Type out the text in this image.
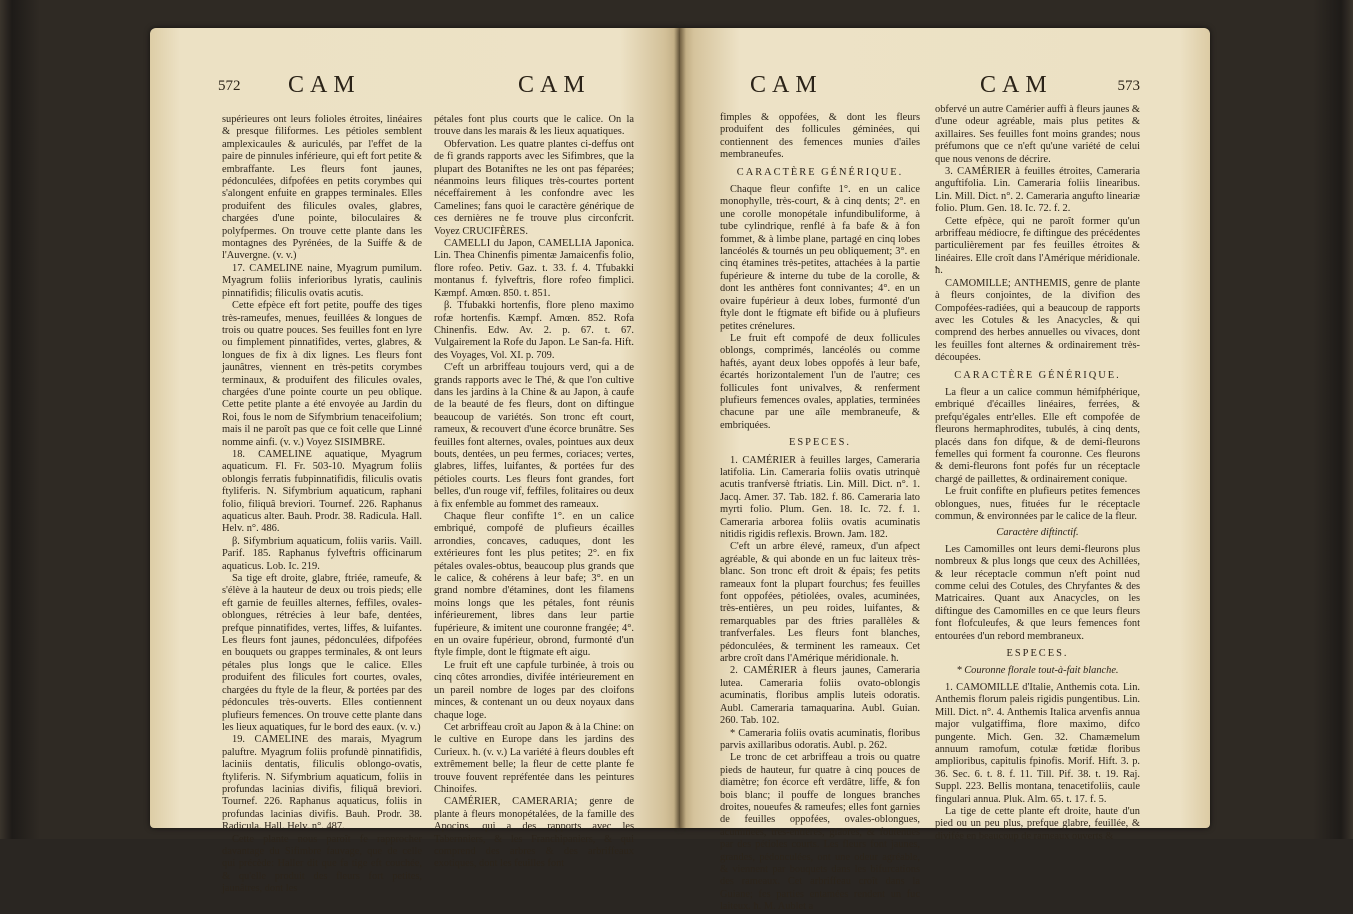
572 CAM	CAM

supérieures ont leurs folioles étroites, linéaires & presque filiformes. Les pétioles semblent amplexicaules & auriculés, par l'effet de la paire de pinnules inférieure, qui eft fort petite & embraffante. Les fleurs font jaunes, pédonculées, difpofées en petits corymbes qui s'alongent enfuite en grappes terminales. Elles produifent des filicules ovales, glabres, chargées d'une pointe, biloculaires & polyfpermes. On trouve cette plante dans les montagnes des Pyrénées, de la Suiffe & de l'Auvergne. (v. v.)

17. CAMELINE naine, Myagrum pumilum. Myagrum foliis inferioribus lyratis, caulinis pinnatifidis; filiculis ovatis acutis.

Cette efpèce eft fort petite, pouffe des tiges très-rameufes, menues, feuillées & longues de trois ou quatre pouces. Ses feuilles font en lyre ou fimplement pinnatifides, vertes, glabres, & longues de fix à dix lignes. Les fleurs font jaunâtres, viennent en très-petits corymbes terminaux, & produifent des filicules ovales, chargées d'une pointe courte un peu oblique. Cette petite plante a été envoyée au Jardin du Roi, fous le nom de Sifymbrium tenaceifolium; mais il ne paroît pas que ce foit celle que Linné nomme ainfi. (v. v.) Voyez SISIMBRE.

18. CAMELINE aquatique, Myagrum aquaticum. Fl. Fr. 503-10. Myagrum foliis oblongis ferratis fubpinnatifidis, filiculis ovatis ftyliferis. N. Sifymbrium aquaticum, raphani folio, filiquâ breviori. Tournef. 226. Raphanus aquaticus alter. Bauh. Prodr. 38. Radicula. Hall. Helv. n°. 486.

β. Sifymbrium aquaticum, foliis variis. Vaill. Parif. 185. Raphanus fylveftris officinarum aquaticus. Lob. Ic. 219.

Sa tige eft droite, glabre, ftriée, rameufe, & s'élève à la hauteur de deux ou trois pieds; elle eft garnie de feuilles alternes, feffiles, ovales-oblongues, rétrécies à leur bafe, dentées, prefque pinnatifides, vertes, liffes, & luifantes. Les fleurs font jaunes, pédonculées, difpofées en bouquets ou grappes terminales, & ont leurs pétales plus longs que le calice. Elles produifent des filicules fort courtes, ovales, chargées du ftyle de la fleur, & portées par des pédoncules très-ouverts. Elles contiennent plufieurs femences. On trouve cette plante dans les lieux aquatiques, fur le bord des eaux. (v. v.)

19. CAMELINE des marais, Myagrum paluftre. Myagrum foliis profundè pinnatifidis, laciniis dentatis, filiculis oblongo-ovatis, ftyliferis. N. Sifymbrium aquaticum, foliis in profundas lacinias divifis, filiquâ breviori. Tournef. 226. Raphanus aquaticus, foliis in profundas lacinias divifis. Bauh. Prodr. 38. Radicula. Hall. Helv. n°. 487.

Cette plante nous paroît fe rapprocher davantage du Sifimbre fauvage, que de celle qui précède: Haller dit que fa tige eft couchée, & qu'elle produit des fleurs fort petites, jaunâtres, dont les

pétales font plus courts que le calice. On la trouve dans les marais & les lieux aquatiques.

Obfervation. Les quatre plantes ci-deffus ont de fi grands rapports avec les Sifimbres, que la plupart des Botaniftes ne les ont pas féparées; néanmoins leurs filiques très-courtes portent néceffairement à les confondre avec les Camelines; fans quoi le caractère générique de ces dernières ne fe trouve plus circonfcrit. Voyez CRUCIFÈRES.

CAMELLI du Japon, CAMELLIA Japonica. Lin. Thea Chinenfis pimentæ Jamaicenfis folio, flore rofeo. Petiv. Gaz. t. 33. f. 4. Tfubakki montanus f. fylveftris, flore rofeo fimplici. Kæmpf. Amœn. 850. t. 851.

β. Tfubakki hortenfis, flore pleno maximo rofæ hortenfis. Kæmpf. Amœn. 852. Rofa Chinenfis. Edw. Av. 2. p. 67. t. 67. Vulgairement la Rofe du Japon. Le San-fa. Hift. des Voyages, Vol. XI. p. 709.

C'eft un arbriffeau toujours verd, qui a de grands rapports avec le Thé, & que l'on cultive dans les jardins à la Chine & au Japon, à caufe de la beauté de fes fleurs, dont on diftingue beaucoup de variétés. Son tronc eft court, rameux, & recouvert d'une écorce brunâtre. Ses feuilles font alternes, ovales, pointues aux deux bouts, dentées, un peu fermes, coriaces; vertes, glabres, liffes, luifantes, & portées fur des pétioles courts. Les fleurs font grandes, fort belles, d'un rouge vif, feffiles, folitaires ou deux à fix enfemble au fommet des rameaux.

Chaque fleur confifte 1°. en un calice embriqué, compofé de plufieurs écailles arrondies, concaves, caduques, dont les extérieures font les plus petites; 2°. en fix pétales ovales-obtus, beaucoup plus grands que le calice, & cohérens à leur bafe; 3°. en un grand nombre d'étamines, dont les filamens moins longs que les pétales, font réunis inférieurement, libres dans leur partie fupérieure, & imitent une couronne frangée; 4°. en un ovaire fupérieur, obrond, furmonté d'un ftyle fimple, dont le ftigmate eft aigu.

Le fruit eft une capfule turbinée, à trois ou cinq côtes arrondies, divifée intérieurement en un pareil nombre de loges par des cloifons minces, & contenant un ou deux noyaux dans chaque loge.

Cet arbriffeau croît au Japon & à la Chine: on le cultive en Europe dans les jardins des Curieux. ħ. (v. v.) La variété à fleurs doubles eft extrêmement belle; la fleur de cette plante fe trouve fouvent repréfentée dans les peintures Chinoifes.

CAMÉRIER, CAMERARIA; genre de plante à fleurs monopétalées, de la famille des Apocins, qui a des rapports avec les Tabernniers, & les Franchipaniers, & qui comprend des arbres & des arbriffeaux exotiques, dont les feuilles font

CAM	CAM	573

fimples & oppofées, & dont les fleurs produifent des follicules géminées, qui contiennent des femences munies d'ailes membraneufes.

CARACTÈRE GÉNÉRIQUE.

Chaque fleur confifte 1°. en un calice monophylle, très-court, & à cinq dents; 2°. en une corolle monopétale infundibuliforme, à tube cylindrique, renflé à fa bafe & à fon fommet, & à limbe plane, partagé en cinq lobes lancéolés & tournés un peu obliquement; 3°. en cinq étamines très-petites, attachées à la partie fupérieure & interne du tube de la corolle, & dont les anthères font connivantes; 4°. en un ovaire fupérieur à deux lobes, furmonté d'un ftyle dont le ftigmate eft bifide ou à plufieurs petites crénelures.

Le fruit eft compofé de deux follicules oblongs, comprimés, lancéolés ou comme haftés, ayant deux lobes oppofés à leur bafe, écartés horizontalement l'un de l'autre; ces follicules font univalves, & renferment plufieurs femences ovales, applaties, terminées chacune par une aîle membraneufe, & embriquées.

ESPECES.

1. CAMÉRIER à feuilles larges, Cameraria latifolia. Lin. Cameraria foliis ovatis utrinquè acutis tranfversè ftriatis. Lin. Mill. Dict. n°. 1. Jacq. Amer. 37. Tab. 182. f. 86. Cameraria lato myrti folio. Plum. Gen. 18. Ic. 72. f. 1. Cameraria arborea foliis ovatis acuminatis nitidis rigidis reflexis. Brown. Jam. 182.

C'eft un arbre élevé, rameux, d'un afpect agréable, & qui abonde en un fuc laiteux très-blanc. Son tronc eft droit & épais; fes petits rameaux font la plupart fourchus; fes feuilles font oppofées, pétiolées, ovales, acuminées, très-entières, un peu roides, luifantes, & remarquables par des ftries parallèles & tranfverfales. Les fleurs font blanches, pédonculées, & terminent les rameaux. Cet arbre croît dans l'Amérique méridionale. ħ.

2. CAMÉRIER à fleurs jaunes, Cameraria lutea. Cameraria foliis ovato-oblongis acuminatis, floribus amplis luteis odoratis. Aubl. Cameraria tamaquarina. Aubl. Guian. 260. Tab. 102.

* Cameraria foliis ovatis acuminatis, floribus parvis axillaribus odoratis. Aubl. p. 262.

Le tronc de cet arbriffeau a trois ou quatre pieds de hauteur, fur quatre à cinq pouces de diamètre; fon écorce eft verdâtre, liffe, & fon bois blanc; il pouffe de longues branches droites, noueufes & rameufes; elles font garnies de feuilles oppofées, ovales-oblongues, acuminées, très-entières, glabres, & foutenues par des pétioles courts. Les fleurs font jaunes, grandes, pédonculées, ont une odeur agréable, & viennent par bouquets dans les bifurcations des rameaux. Cet arbriffeau croît dans la Guiane; fes parties entamées rendent un fuc laiteux. ħ. M. Aublet a

obfervé un autre Camérier auffi à fleurs jaunes & d'une odeur agréable, mais plus petites & axillaires. Ses feuilles font moins grandes; nous préfumons que ce n'eft qu'une variété de celui que nous venons de décrire.

3. CAMÉRIER à feuilles étroites, Cameraria anguftifolia. Lin. Cameraria foliis linearibus. Lin. Mill. Dict. n°. 2. Cameraria angufto lineariæ folio. Plum. Gen. 18. Ic. 72. f. 2.

Cette efpèce, qui ne paroît former qu'un arbriffeau médiocre, fe diftingue des précédentes particulièrement par fes feuilles étroites & linéaires. Elle croît dans l'Amérique méridionale. ħ.

CAMOMILLE; ANTHEMIS, genre de plante à fleurs conjointes, de la divifion des Compofées-radiées, qui a beaucoup de rapports avec les Cotules & les Anacycles, & qui comprend des herbes annuelles ou vivaces, dont les feuilles font alternes & ordinairement très-découpées.

CARACTÈRE GÉNÉRIQUE.

La fleur a un calice commun hémifphérique, embriqué d'écailles linéaires, ferrées, & prefqu'égales entr'elles. Elle eft compofée de fleurons hermaphrodites, tubulés, à cinq dents, placés dans fon difque, & de demi-fleurons femelles qui forment fa couronne. Ces fleurons & demi-fleurons font pofés fur un réceptacle chargé de paillettes, & ordinairement conique.

Le fruit confifte en plufieurs petites femences oblongues, nues, fituées fur le réceptacle commun, & environnées par le calice de la fleur.

Caractère diftinctif.

Les Camomilles ont leurs demi-fleurons plus nombreux & plus longs que ceux des Achillées, & leur réceptacle commun n'eft point nud comme celui des Cotules, des Chryfantes & des Matricaires. Quant aux Anacycles, on les diftingue des Camomilles en ce que leurs fleurs font flofculeufes, & que leurs femences font entourées d'un rebord membraneux.

ESPECES.

* Couronne florale tout-à-fait blanche.

1. CAMOMILLE d'Italie, Anthemis cota. Lin. Anthemis florum paleis rigidis pungentibus. Lin. Mill. Dict. n°. 4. Anthemis Italica arvenfis annua major vulgatiffima, flore maximo, difco pungente. Mich. Gen. 32. Chamæmelum annuum ramofum, cotulæ fœtidæ floribus amplioribus, capitulis fpinofis. Morif. Hift. 3. p. 36. Sec. 6. t. 8. f. 11. Till. Pif. 38. t. 19. Raj. Suppl. 223. Bellis montana, tenacetifoliis, caule fingulari annua. Pluk. Alm. 65. t. 17. f. 5.

La tige de cette plante eft droite, haute d'un pied ou un peu plus, prefque glabre, feuillée, & divifée en beaucoup de rameaux ouverts &
